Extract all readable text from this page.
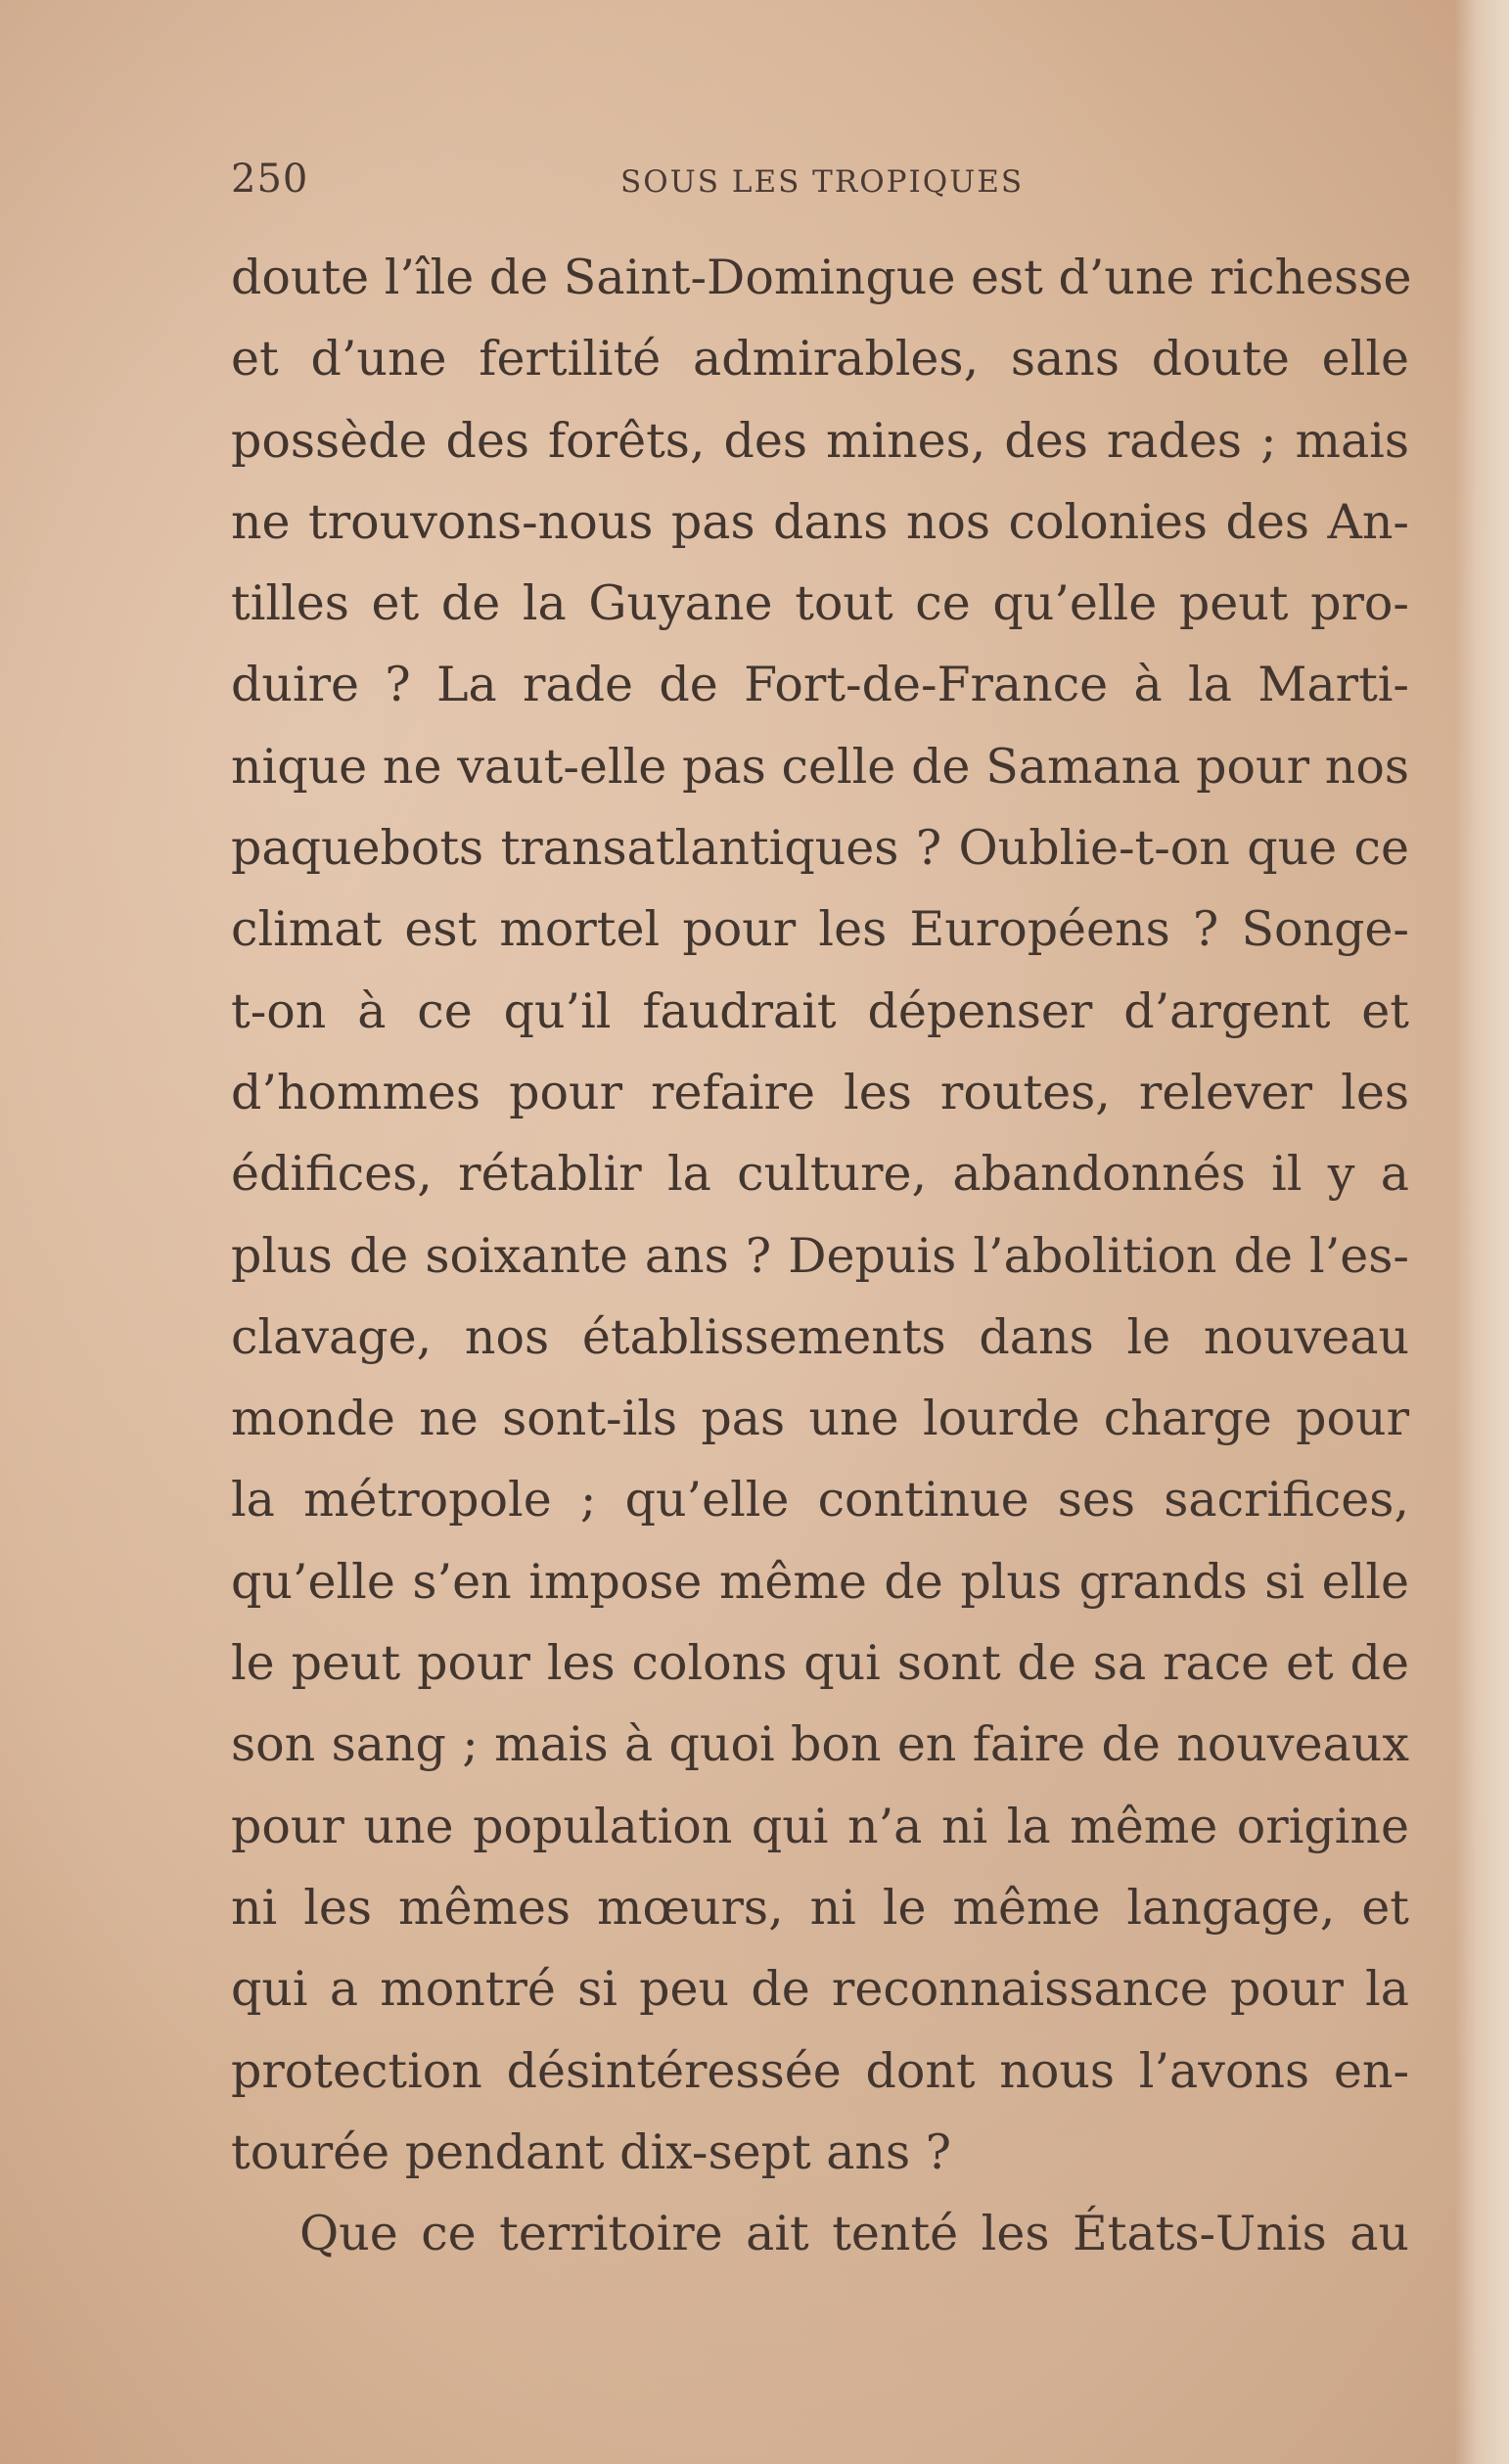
250	SOUS LES TROPIQUES
doute l’île de Saint-Domingue est d’une richesse
et d’une fertilité admirables, sans doute elle
possède des forêts, des mines, des rades ; mais
ne trouvons-nous pas dans nos colonies des An-
tilles et de la Guyane tout ce qu’elle peut pro-
duire ? La rade de Fort-de-France à la Marti-
nique ne vaut-elle pas celle de Samana pour nos
paquebots transatlantiques ? Oublie-t-on que ce
climat est mortel pour les Européens ? Songe-
t-on à ce qu’il faudrait dépenser d’argent et
d’hommes pour refaire les routes, relever les
édifices, rétablir la culture, abandonnés il y a
plus de soixante ans ? Depuis l’abolition de l’es-
clavage, nos établissements dans le nouveau
monde ne sont-ils pas une lourde charge pour
la métropole ; qu’elle continue ses sacrifices,
qu’elle s’en impose même de plus grands si elle
le peut pour les colons qui sont de sa race et de
son sang ; mais à quoi bon en faire de nouveaux
pour une population qui n’a ni la même origine
ni les mêmes mœurs, ni le même langage, et
qui a montré si peu de reconnaissance pour la
protection désintéressée dont nous l’avons en-
tourée pendant dix-sept ans ?
Que ce territoire ait tenté les États-Unis au
